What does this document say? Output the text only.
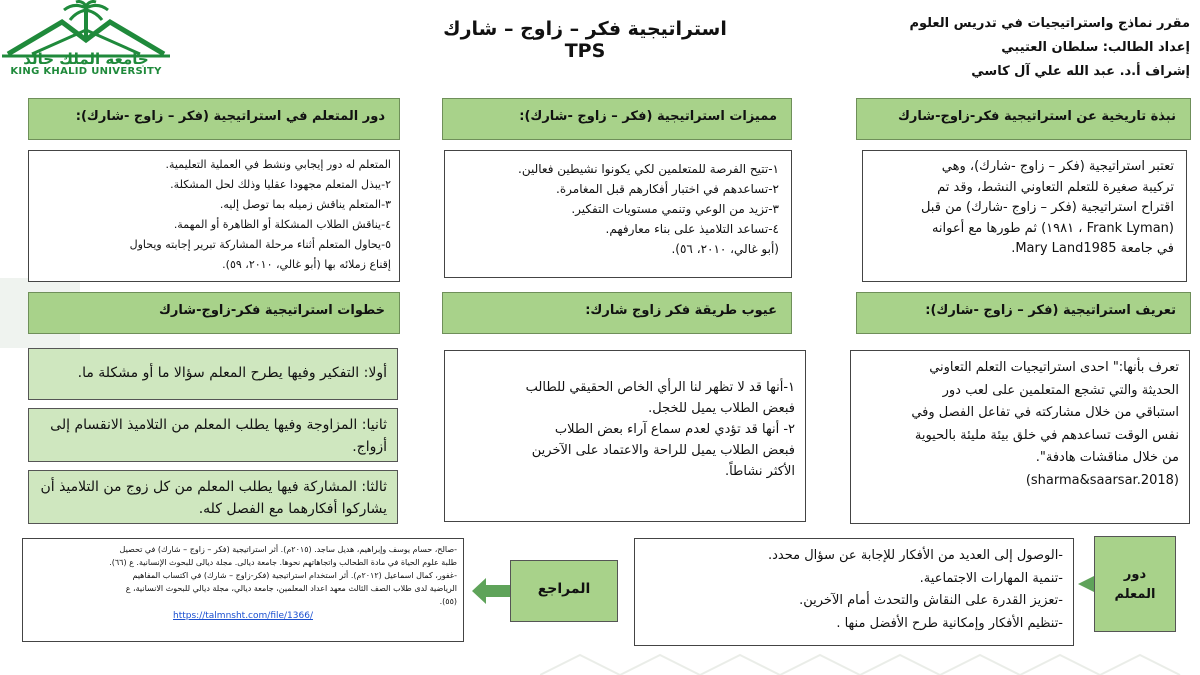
جامعة الملك خالد
KING KHALID UNIVERSITY
استراتيجية فكر – زاوج – شارك TPS
مقرر نماذج واستراتيجيات في تدريس العلوم
إعداد الطالب: سلطان العتيبي
إشراف أ.د. عبد الله علي آل كاسي
نبذة تاريخية عن استراتيجية فكر-زاوج-شارك
مميزات استراتيجية (فكر – زاوج -شارك):
دور المتعلم في استراتيجية (فكر – زاوج -شارك):
تعتبر استراتيجية (فكر – زاوج -شارك)، وهي
تركيبة صغيرة للتعلم التعاوني النشط، وقد تم
اقتراح استراتيجية (فكر – زاوج -شارك) من قبل
(Frank Lyman ، ١٩٨١) ثم طورها مع أعوانه
في جامعة Mary Land1985.
١-تتيح الفرصة للمتعلمين لكي يكونوا نشيطين فعالين.
٢-تساعدهم في اختبار أفكارهم قبل المغامرة.
٣-تزيد من الوعي وتنمي مستويات التفكير.
٤-تساعد التلاميذ على بناء معارفهم.
(أبو غالي، ٢٠١٠، ٥٦).
المتعلم له دور إيجابي ونشط في العملية التعليمية.
٢-يبذل المتعلم مجهودا عقليا وذلك لحل المشكلة.
٣-المتعلم يناقش زميله بما توصل إليه.
٤-يناقش الطلاب المشكلة أو الظاهرة أو المهمة.
٥-يحاول المتعلم أثناء مرحلة المشاركة تبرير إجابته ويحاول
إقناع زملائه بها (أبو غالي، ٢٠١٠، ٥٩).
تعريف استراتيجية (فكر – زاوج -شارك):
عيوب طريقة فكر زاوج شارك:
خطوات استراتيجية فكر-زاوج-شارك
تعرف بأنها:" احدى استراتيجيات التعلم التعاوني
الحديثة والتي تشجع المتعلمين على لعب دور
استباقي من خلال مشاركته في تفاعل الفصل وفي
نفس الوقت تساعدهم في خلق بيئة مليئة بالحيوية
من خلال مناقشات هادفة".
(sharma&saarsar.2018)
١-أنها قد لا تظهر لنا الرأي الخاص الحقيقي للطالب
فبعض الطلاب يميل للخجل.
٢- أنها قد تؤدي لعدم سماع آراء بعض الطلاب
فبعض الطلاب يميل للراحة والاعتماد على الآخرين
الأكثر نشاطاً.
أولا: التفكير وفيها يطرح المعلم سؤالا ما أو مشكلة ما.
ثانيا: المزاوجة وفيها يطلب المعلم من التلاميذ الانقسام إلى أزواج.
ثالثا: المشاركة فيها يطلب المعلم من كل زوج من التلاميذ أن يشاركوا أفكارهما مع الفصل كله.
دور
المعلم
-الوصول إلى العديد من الأفكار للإجابة عن سؤال محدد.
-تنمية المهارات الاجتماعية.
-تعزيز القدرة على النقاش والتحدث أمام الآخرين.
-تنظيم الأفكار وإمكانية طرح الأفضل منها .
المراجع
-صالح، حسام يوسف وإبراهيم، هديل ساجد. (٢٠١٥م). أثر استراتيجية (فكر – زاوج – شارك) في تحصيل
طلبة علوم الحياة في مادة الطحالب واتجاهاتهم نحوها. جامعة ديالى. مجلة ديالى للبحوث الإنسانية. ع (٦٦).
-غفور، كمال اسماعيل (٢٠١٢م). أثر استخدام استراتيجية (فكر-زاوج – شارك) في اكتساب المفاهيم
الرياضية لدى طلاب الصف الثالث معهد اعداد المعلمين، جامعة ديالي، مجلة ديالي للبحوث الانسانية، ع
(٥٥).
https://talmnsht.com/file/1366/
